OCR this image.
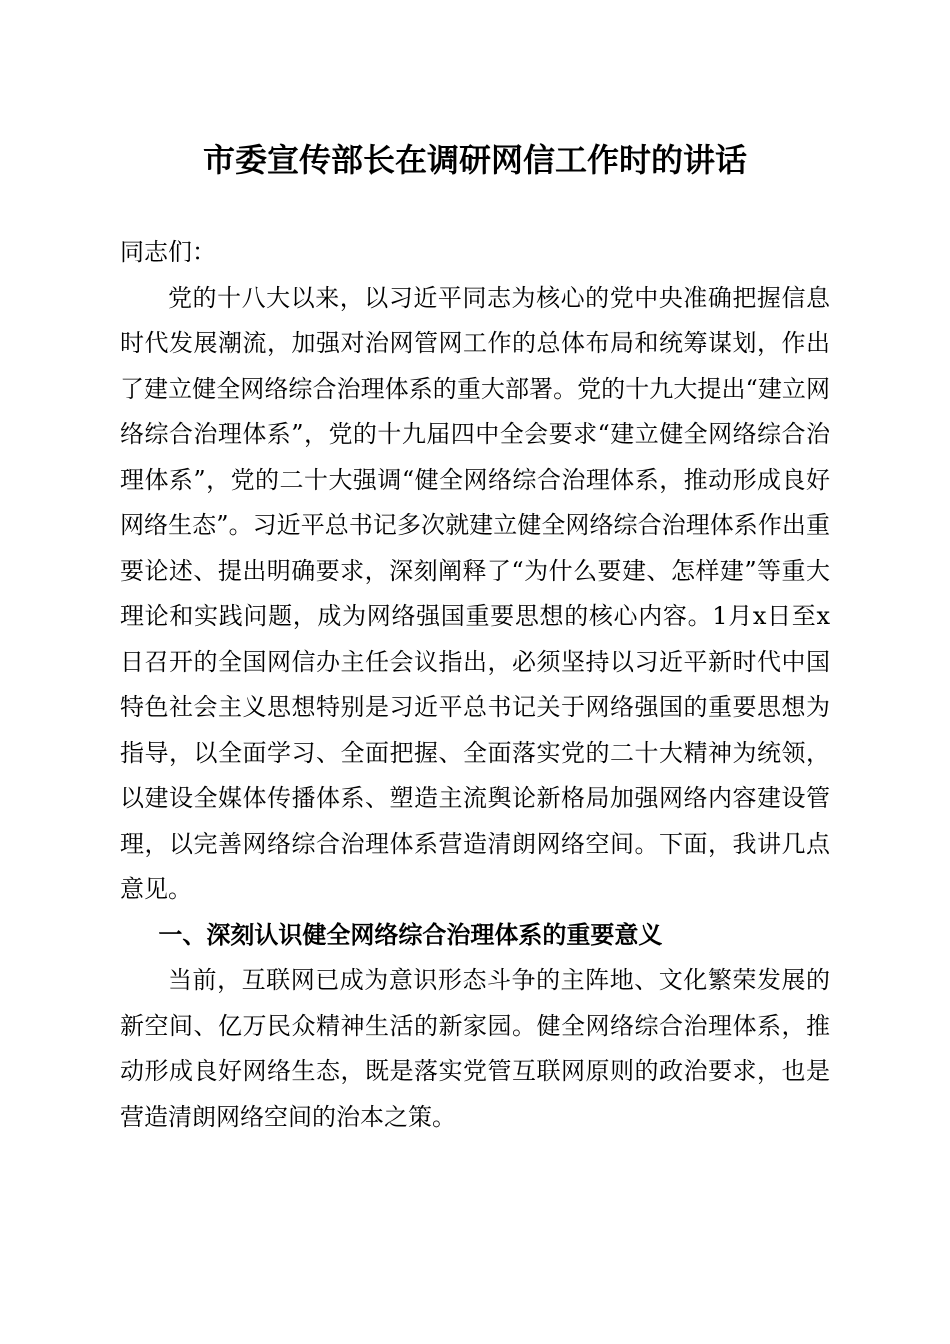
市委宣传部长在调研网信工作时的讲话

同志们：

党的十八大以来，以习近平同志为核心的党中央准确把握信息时代发展潮流，加强对治网管网工作的总体布局和统筹谋划，作出了建立健全网络综合治理体系的重大部署。党的十九大提出“建立网络综合治理体系”，党的十九届四中全会要求“建立健全网络综合治理体系”，党的二十大强调“健全网络综合治理体系，推动形成良好网络生态”。习近平总书记多次就建立健全网络综合治理体系作出重要论述、提出明确要求，深刻阐释了“为什么要建、怎样建”等重大理论和实践问题，成为网络强国重要思想的核心内容。1月x日至x日召开的全国网信办主任会议指出，必须坚持以习近平新时代中国特色社会主义思想特别是习近平总书记关于网络强国的重要思想为指导，以全面学习、全面把握、全面落实党的二十大精神为统领，以建设全媒体传播体系、塑造主流舆论新格局加强网络内容建设管理，以完善网络综合治理体系营造清朗网络空间。下面，我讲几点意见。

一、深刻认识健全网络综合治理体系的重要意义

当前，互联网已成为意识形态斗争的主阵地、文化繁荣发展的新空间、亿万民众精神生活的新家园。健全网络综合治理体系，推动形成良好网络生态，既是落实党管互联网原则的政治要求，也是营造清朗网络空间的治本之策。
